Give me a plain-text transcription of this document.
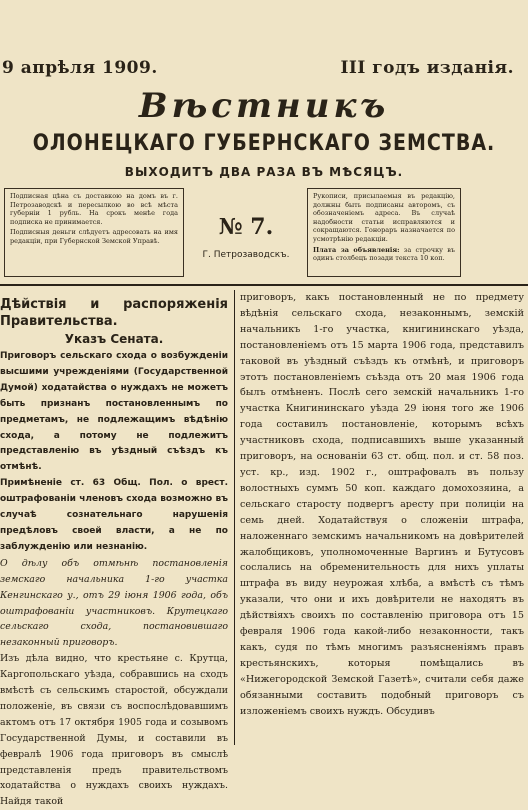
9 апрѣля 1909.	III годъ изданія.
Вѣстникъ
ОЛОНЕЦКАГО ГУБЕРНСКАГО ЗЕМСТВА.
ВЫХОДИТЪ ДВА РАЗА ВЪ МѢСЯЦЪ.

Подписная цѣна съ доставкою на домъ въ г. Петрозаводскѣ и пересылкою во всѣ мѣста губерніи 1 рубль. На срокъ менѣе года подписка не принимается.

Подписныя деньги слѣдуетъ адресовать на имя редакціи, при Губернской Земской Управѣ.

№ 7.
Г. Петрозаводскъ.

Рукописи, присылаемыя въ редакцію, должны быть подписаны авторомъ, съ обозначеніемъ адреса. Въ случаѣ надобности статьи исправляются и сокращаются. Гонораръ назначается по усмотрѣнію редакціи.

Плата за объявленія: за строчку въ одинъ столбецъ позади текста 10 коп.

Дѣйствія и распоряженія Правительства.
Указъ Сената.

Приговоръ сельскаго схода о возбужденіи высшими учрежденіями (Государственной Думой) ходатайства о нуждахъ не можетъ быть признанъ постановленнымъ по предметамъ, не подлежащимъ вѣдѣнію схода, а потому не подлежитъ представленію въ уѣздный съѣздъ къ отмѣнѣ.

Примѣненіе ст. 63 Общ. Пол. о врест. оштрафованіи членовъ схода возможно въ случаѣ сознательнаго нарушенія предѣловъ своей власти, а не по заблужденію или незнанію.

О дѣлу объ отмѣнѣ постановленія земскаго начальника 1-го участка Кенгинскаго у., отъ 29 іюня 1906 года, объ оштрафованіи участниковъ. Крутецкаго сельскаго схода, постановившаго незаконный приговоръ.

Изъ дѣла видно, что крестьяне с. Крутца, Каргопольскаго уѣзда, собравшись на сходъ вмѣстѣ съ сельскимъ старостой, обсуждали положеніе, въ связи съ воспослѣдовавшимъ актомъ отъ 17 октября 1905 года и созывомъ Государственной Думы, и составили въ февралѣ 1906 года приговоръ въ смыслѣ представленія предъ правительствомъ ходатайства о нуждахъ своихъ нуждахъ. Найдя такой

приговоръ, какъ постановленный не по предмету вѣдѣнія сельскаго схода, незаконнымъ, земскій начальникъ 1-го участка, книгининскаго уѣзда, постановленіемъ отъ 15 марта 1906 года, представилъ таковой въ уѣздный съѣздъ къ отмѣнѣ, и приговоръ этотъ постановленіемъ съѣзда отъ 20 мая 1906 года былъ отмѣненъ. Послѣ сего земскій начальникъ 1-го участка Книгининскаго уѣзда 29 іюня того же 1906 года составилъ постановленіе, которымъ всѣхъ участниковъ схода, подписавшихъ выше указанный приговоръ, на основаніи 63 ст. общ. пол. и ст. 58 поз. уст. кр., изд. 1902 г., оштрафовалъ въ пользу волостныхъ суммъ 50 коп. каждаго домохозяина, а сельскаго старосту подвергъ аресту при полиціи на семь дней. Ходатайствуя о сложеніи штрафа, наложеннаго земскимъ начальникомъ на довѣрителей жалобщиковъ, уполномоченные Варгинъ и Бутусовъ сослались на обременительность для нихъ уплаты штрафа въ виду неурожая хлѣба, а вмѣстѣ съ тѣмъ указали, что они и ихъ довѣрители не находятъ въ дѣйствіяхъ своихъ по составленію приговора отъ 15 февраля 1906 года какой-либо незаконности, такъ какъ, судя по тѣмъ многимъ разъясненіямъ правъ крестьянскихъ, которыя помѣщались въ «Нижегородской Земской Газетѣ», считали себя даже обязанными составить подобный приговоръ съ изложеніемъ своихъ нуждъ. Обсудивъ
